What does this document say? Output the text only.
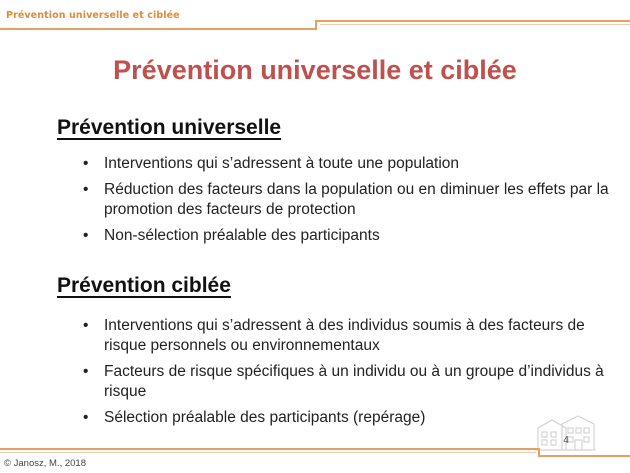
Prévention universelle et ciblée
Prévention universelle et ciblée
Prévention universelle
• Interventions qui s’adressent à toute une population
• Réduction des facteurs dans la population ou en diminuer les effets par la promotion des facteurs de protection
• Non-sélection préalable des participants
Prévention ciblée
• Interventions qui s’adressent à des individus soumis à des facteurs de risque personnels ou environnementaux
• Facteurs de risque spécifiques à un individu ou à un groupe d’individus à risque
• Sélection préalable des participants (repérage)
4
© Janosz, M., 2018
